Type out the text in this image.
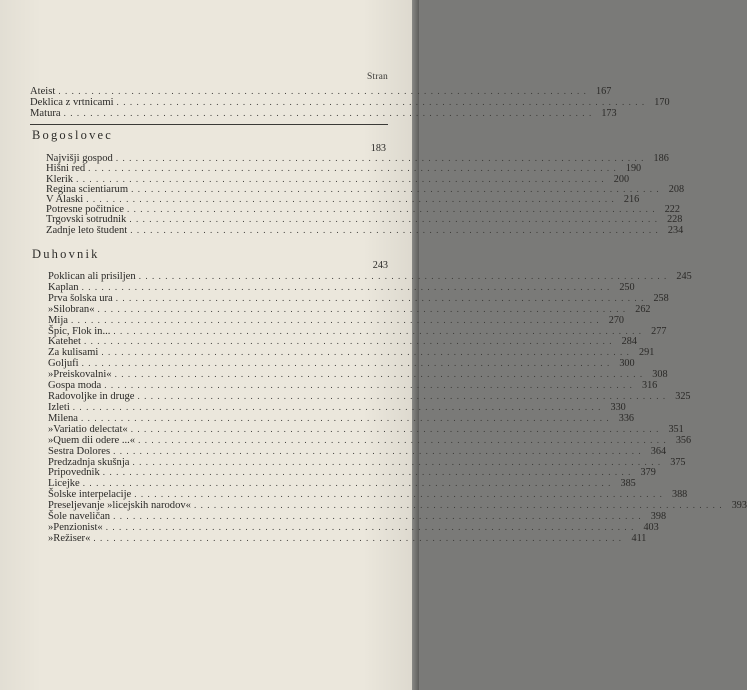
Stran
Ateist ................................................................................ 167
Deklica z vrtnicami ................................................................................ 170
Matura ................................................................................ 173
Bogoslovec
183
Najvišji gospod ................................................................................ 186
Hišni red ................................................................................ 190
Klerik ................................................................................ 200
Regina scientiarum ................................................................................ 208
V Alaski ................................................................................ 216
Potresne počitnice ................................................................................ 222
Trgovski sotrudnik ................................................................................ 228
Zadnje leto študent ................................................................................ 234
Duhovnik
243
Poklican ali prisiljen ................................................................................ 245
Kaplan ................................................................................ 250
Prva šolska ura ................................................................................ 258
»Silobran« ................................................................................ 262
Mija ................................................................................ 270
Špic, Flok in... ................................................................................ 277
Katehet ................................................................................ 284
Za kulisami ................................................................................ 291
Goljufi ................................................................................ 300
»Preiskovalni« ................................................................................ 308
Gospa moda ................................................................................ 316
Radovoljke in druge ................................................................................ 325
Izleti ................................................................................ 330
Milena ................................................................................ 336
»Variatio delectat« ................................................................................ 351
»Quem dii odere ...« ................................................................................ 356
Sestra Dolores ................................................................................ 364
Predzadnja skušnja ................................................................................ 375
Pripovednik ................................................................................ 379
Licejke ................................................................................ 385
Šolske interpelacije ................................................................................ 388
Preseljevanje »licejskih narodov« ................................................................................ 393
Šole naveličan ................................................................................ 398
»Penzionist« ................................................................................ 403
»Režiser« ................................................................................ 411
